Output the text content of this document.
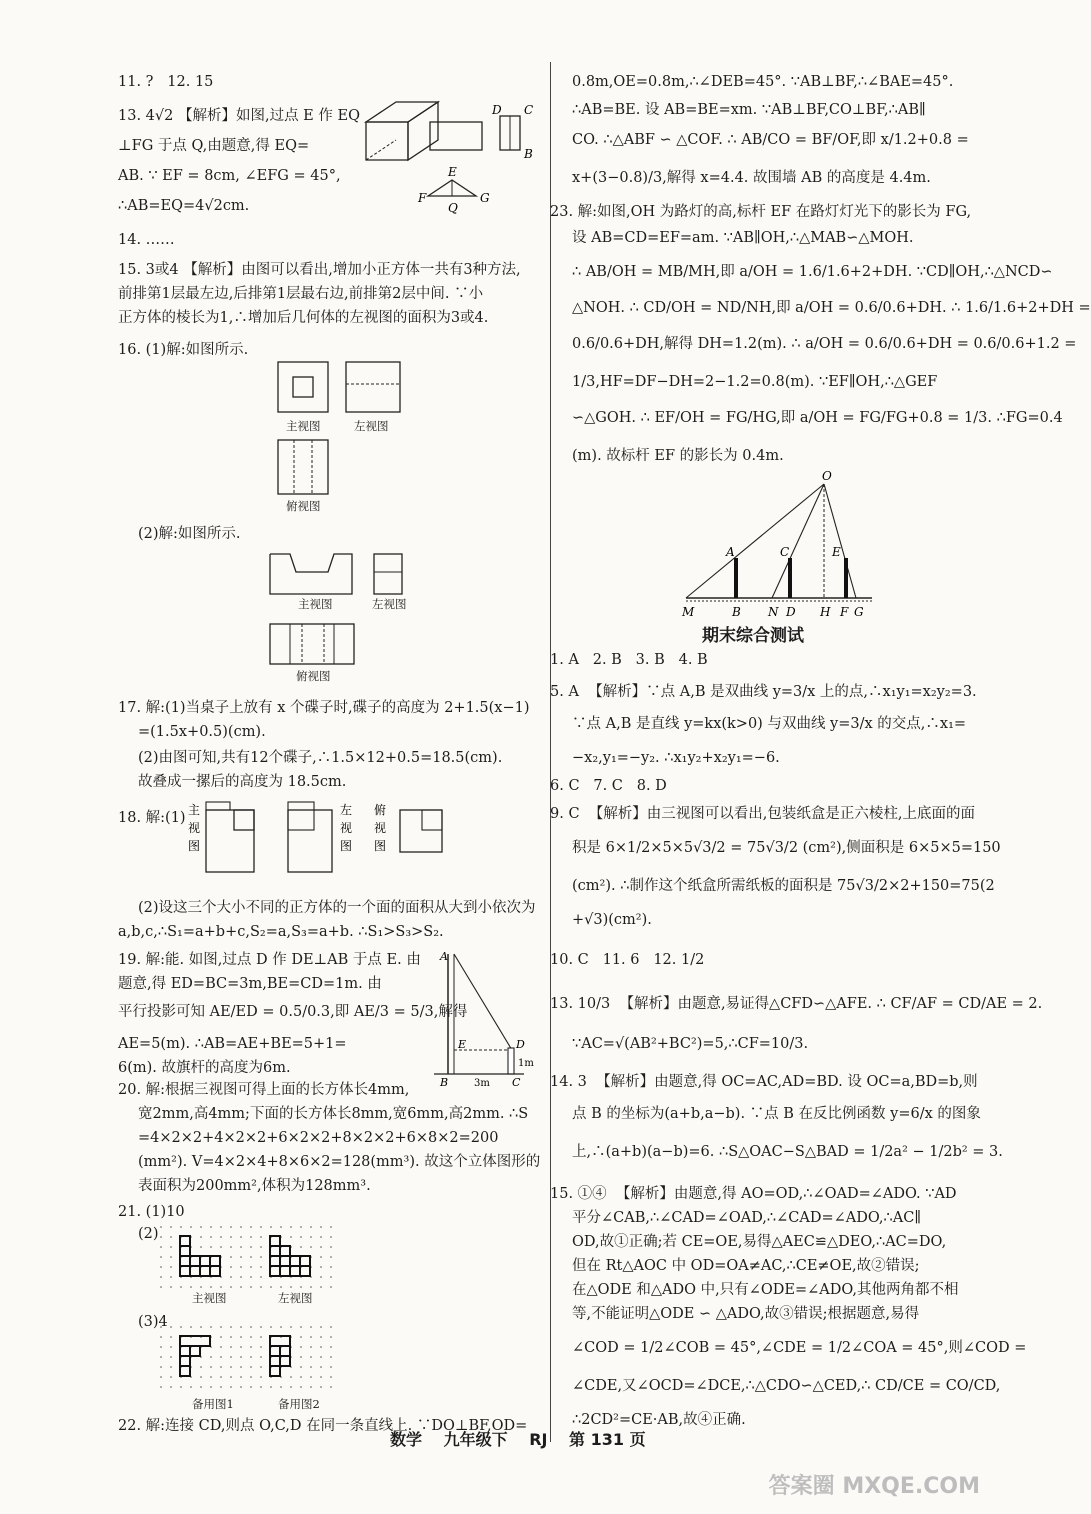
11. ?   12. 15
13. 4√2 【解析】如图,过点 E 作 EQ
⊥FG 于点 Q,由题意,得 EQ=
AB. ∵ EF = 8cm, ∠EFG = 45°,
∴AB=EQ=4√2cm.
D C
B
E
F
Q
G
14. ……
15. 3或4 【解析】由图可以看出,增加小正方体一共有3种方法,
前排第1层最左边,后排第1层最右边,前排第2层中间. ∵小
正方体的棱长为1,∴增加后几何体的左视图的面积为3或4.
16. (1)解:如图所示.
主视图	左视图
俯视图
(2)解:如图所示.
主视图	左视图
俯视图
17. 解:(1)当桌子上放有 x 个碟子时,碟子的高度为 2+1.5(x−1)
=(1.5x+0.5)(cm).
(2)由图可知,共有12个碟子,∴1.5×12+0.5=18.5(cm).
故叠成一摞后的高度为 18.5cm.
18. 解:(1) 主
视
图
左
视
图
俯
视
图
(2)设这三个大小不同的正方体的一个面的面积从大到小依次为
a,b,c,∴S₁=a+b+c,S₂=a,S₃=a+b. ∴S₁>S₃>S₂.
19. 解:能. 如图,过点 D 作 DE⊥AB 于点 E. 由
题意,得 ED=BC=3m,BE=CD=1m. 由
平行投影可知 AE/ED = 0.5/0.3,即 AE/3 = 5/3,解得
AE=5(m). ∴AB=AE+BE=5+1=
6(m). 故旗杆的高度为6m.
A
E	D
B	C
3m
1m
20. 解:根据三视图可得上面的长方体长4mm,
宽2mm,高4mm;下面的长方体长8mm,宽6mm,高2mm. ∴S
=4×2×2+4×2×2+6×2×2+8×2×2+6×8×2=200
(mm²). V=4×2×4+8×6×2=128(mm³). 故这个立体图形的
表面积为200mm²,体积为128mm³.
21. (1)10
(2)
主视图	左视图
(3)4
备用图1	备用图2
22. 解:连接 CD,则点 O,C,D 在同一条直线上. ∵DO⊥BF,OD=
0.8m,OE=0.8m,∴∠DEB=45°. ∵AB⊥BF,∴∠BAE=45°.
∴AB=BE. 设 AB=BE=xm. ∵AB⊥BF,CO⊥BF,∴AB∥
CO. ∴△ABF ∽ △COF. ∴ AB/CO = BF/OF,即 x/1.2+0.8 =
x+(3−0.8)/3,解得 x=4.4. 故围墙 AB 的高度是 4.4m.
23. 解:如图,OH 为路灯的高,标杆 EF 在路灯灯光下的影长为 FG,
设 AB=CD=EF=am. ∵AB∥OH,∴△MAB∽△MOH.
∴ AB/OH = MB/MH,即 a/OH = 1.6/1.6+2+DH. ∵CD∥OH,∴△NCD∽
△NOH. ∴ CD/OH = ND/NH,即 a/OH = 0.6/0.6+DH. ∴ 1.6/1.6+2+DH =
0.6/0.6+DH,解得 DH=1.2(m). ∴ a/OH = 0.6/0.6+DH = 0.6/0.6+1.2 =
1/3,HF=DF−DH=2−1.2=0.8(m). ∵EF∥OH,∴△GEF
∽△GOH. ∴ EF/OH = FG/HG,即 a/OH = FG/FG+0.8 = 1/3. ∴FG=0.4
(m). 故标杆 EF 的影长为 0.4m.
O
A	C	E
M	B N D H F G
期末综合测试
1. A   2. B   3. B   4. B
5. A  【解析】∵点 A,B 是双曲线 y=3/x 上的点,∴x₁y₁=x₂y₂=3.
∵点 A,B 是直线 y=kx(k>0) 与双曲线 y=3/x 的交点,∴x₁=
−x₂,y₁=−y₂. ∴x₁y₂+x₂y₁=−6.
6. C   7. C   8. D
9. C  【解析】由三视图可以看出,包装纸盒是正六棱柱,上底面的面
积是 6×1/2×5×5√3/2 = 75√3/2 (cm²),侧面积是 6×5×5=150
(cm²). ∴制作这个纸盒所需纸板的面积是 75√3/2×2+150=75(2
+√3)(cm²).
10. C   11. 6   12. 1/2
13. 10/3  【解析】由题意,易证得△CFD∽△AFE. ∴ CF/AF = CD/AE = 2.
∵AC=√(AB²+BC²)=5,∴CF=10/3.
14. 3  【解析】由题意,得 OC=AC,AD=BD. 设 OC=a,BD=b,则
点 B 的坐标为(a+b,a−b). ∵点 B 在反比例函数 y=6/x 的图象
上,∴(a+b)(a−b)=6. ∴S△OAC−S△BAD = 1/2a² − 1/2b² = 3.
15. ①④  【解析】由题意,得 AO=OD,∴∠OAD=∠ADO. ∵AD
平分∠CAB,∴∠CAD=∠OAD,∴∠CAD=∠ADO,∴AC∥
OD,故①正确;若 CE=OE,易得△AEC≌△DEO,∴AC=DO,
但在 Rt△AOC 中 OD=OA≠AC,∴CE≠OE,故②错误;
在△ODE 和△ADO 中,只有∠ODE=∠ADO,其他两角都不相
等,不能证明△ODE ∽ △ADO,故③错误;根据题意,易得
∠COD = 1/2∠COB = 45°,∠CDE = 1/2∠COA = 45°,则∠COD =
∠CDE,又∠OCD=∠DCE,∴△CDO∽△CED,∴ CD/CE = CO/CD,
∴2CD²=CE·AB,故④正确.
数学 九年级下 RJ 第 131 页
答案圈 MXQE.COM
